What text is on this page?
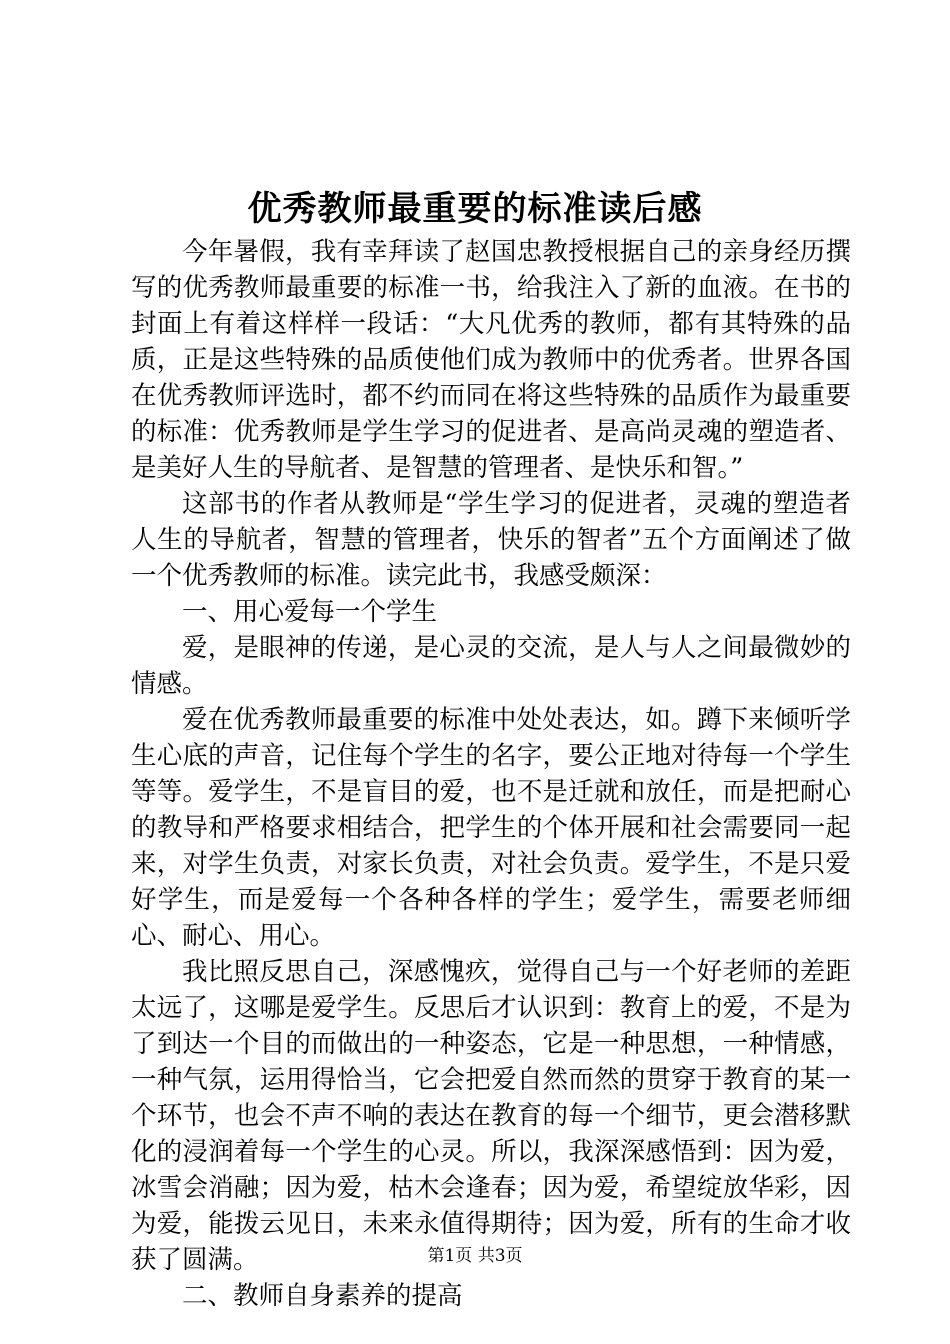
优秀教师最重要的标准读后感

今年暑假，我有幸拜读了赵国忠教授根据自己的亲身经历撰写的优秀教师最重要的标准一书，给我注入了新的血液。在书的封面上有着这样样一段话：“大凡优秀的教师，都有其特殊的品质，正是这些特殊的品质使他们成为教师中的优秀者。世界各国在优秀教师评选时，都不约而同在将这些特殊的品质作为最重要的标准：优秀教师是学生学习的促进者、是高尚灵魂的塑造者、是美好人生的导航者、是智慧的管理者、是快乐和智。”

这部书的作者从教师是“学生学习的促进者，灵魂的塑造者人生的导航者，智慧的管理者，快乐的智者”五个方面阐述了做一个优秀教师的标准。读完此书，我感受颇深：

一、用心爱每一个学生

爱，是眼神的传递，是心灵的交流，是人与人之间最微妙的情感。

爱在优秀教师最重要的标准中处处表达，如。蹲下来倾听学生心底的声音，记住每个学生的名字，要公正地对待每一个学生等等。爱学生，不是盲目的爱，也不是迁就和放任，而是把耐心的教导和严格要求相结合，把学生的个体开展和社会需要同一起来，对学生负责，对家长负责，对社会负责。爱学生，不是只爱好学生，而是爱每一个各种各样的学生；爱学生，需要老师细心、耐心、用心。

我比照反思自己，深感愧疚，觉得自己与一个好老师的差距太远了，这哪是爱学生。反思后才认识到：教育上的爱，不是为了到达一个目的而做出的一种姿态，它是一种思想，一种情感，一种气氛，运用得恰当，它会把爱自然而然的贯穿于教育的某一个环节，也会不声不响的表达在教育的每一个细节，更会潜移默化的浸润着每一个学生的心灵。所以，我深深感悟到：因为爱，冰雪会消融；因为爱，枯木会逢春；因为爱，希望绽放华彩，因为爱，能拨云见日，未来永值得期待；因为爱，所有的生命才收获了圆满。

二、教师自身素养的提高

第1页 共3页
